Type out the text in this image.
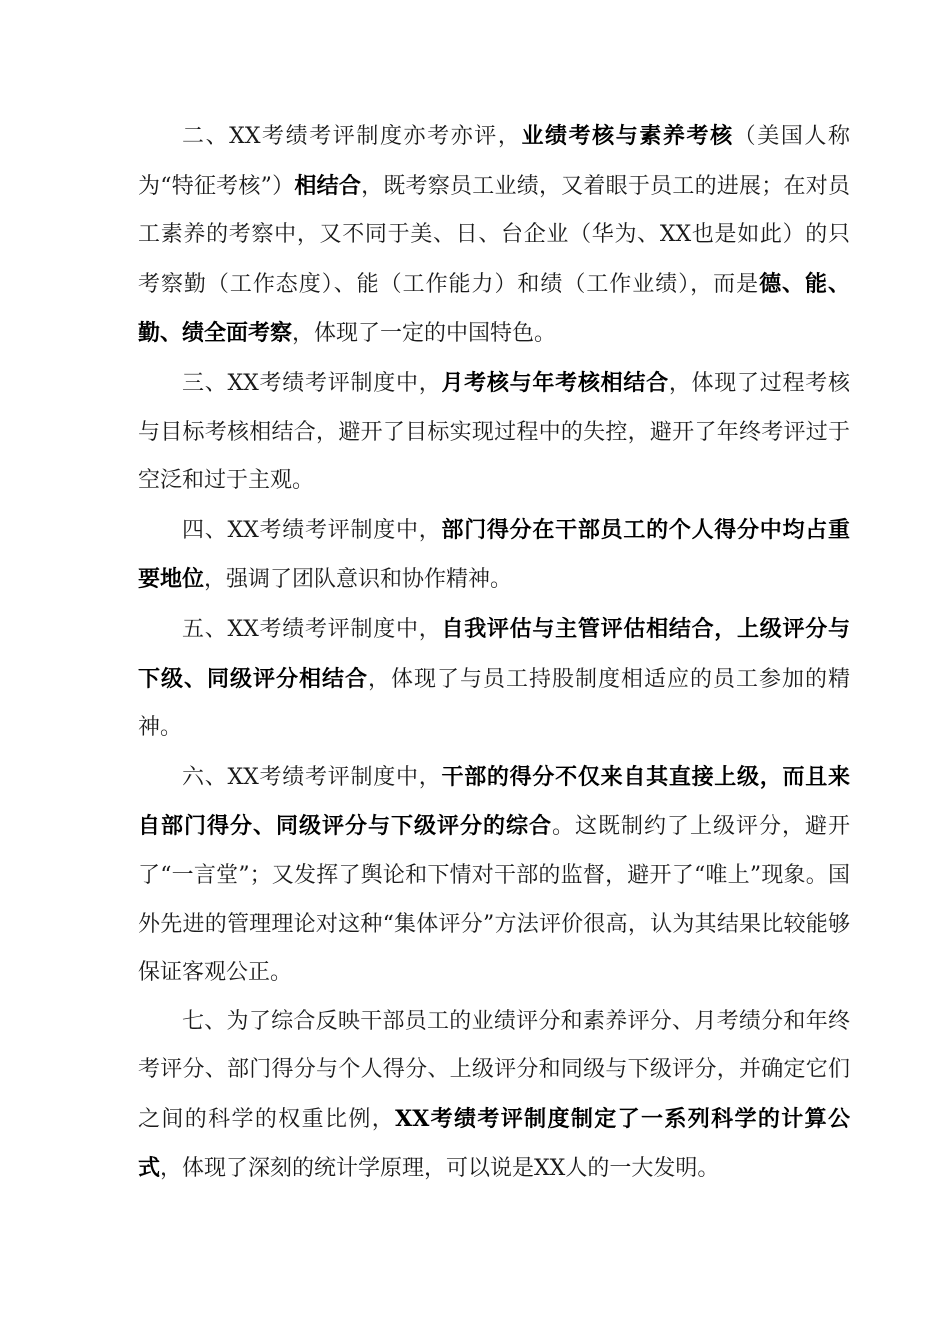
二、XX考绩考评制度亦考亦评，业绩考核与素养考核（美国人称为“特征考核”）相结合，既考察员工业绩，又着眼于员工的进展；在对员工素养的考察中，又不同于美、日、台企业（华为、XX也是如此）的只考察勤（工作态度）、能（工作能力）和绩（工作业绩），而是德、能、勤、绩全面考察，体现了一定的中国特色。

三、XX考绩考评制度中，月考核与年考核相结合，体现了过程考核与目标考核相结合，避开了目标实现过程中的失控，避开了年终考评过于空泛和过于主观。

四、XX考绩考评制度中，部门得分在干部员工的个人得分中均占重要地位，强调了团队意识和协作精神。

五、XX考绩考评制度中，自我评估与主管评估相结合，上级评分与下级、同级评分相结合，体现了与员工持股制度相适应的员工参加的精神。

六、XX考绩考评制度中，干部的得分不仅来自其直接上级，而且来自部门得分、同级评分与下级评分的综合。这既制约了上级评分，避开了“一言堂”；又发挥了舆论和下情对干部的监督，避开了“唯上”现象。国外先进的管理理论对这种“集体评分”方法评价很高，认为其结果比较能够保证客观公正。

七、为了综合反映干部员工的业绩评分和素养评分、月考绩分和年终考评分、部门得分与个人得分、上级评分和同级与下级评分，并确定它们之间的科学的权重比例，XX考绩考评制度制定了一系列科学的计算公式，体现了深刻的统计学原理，可以说是XX人的一大发明。
